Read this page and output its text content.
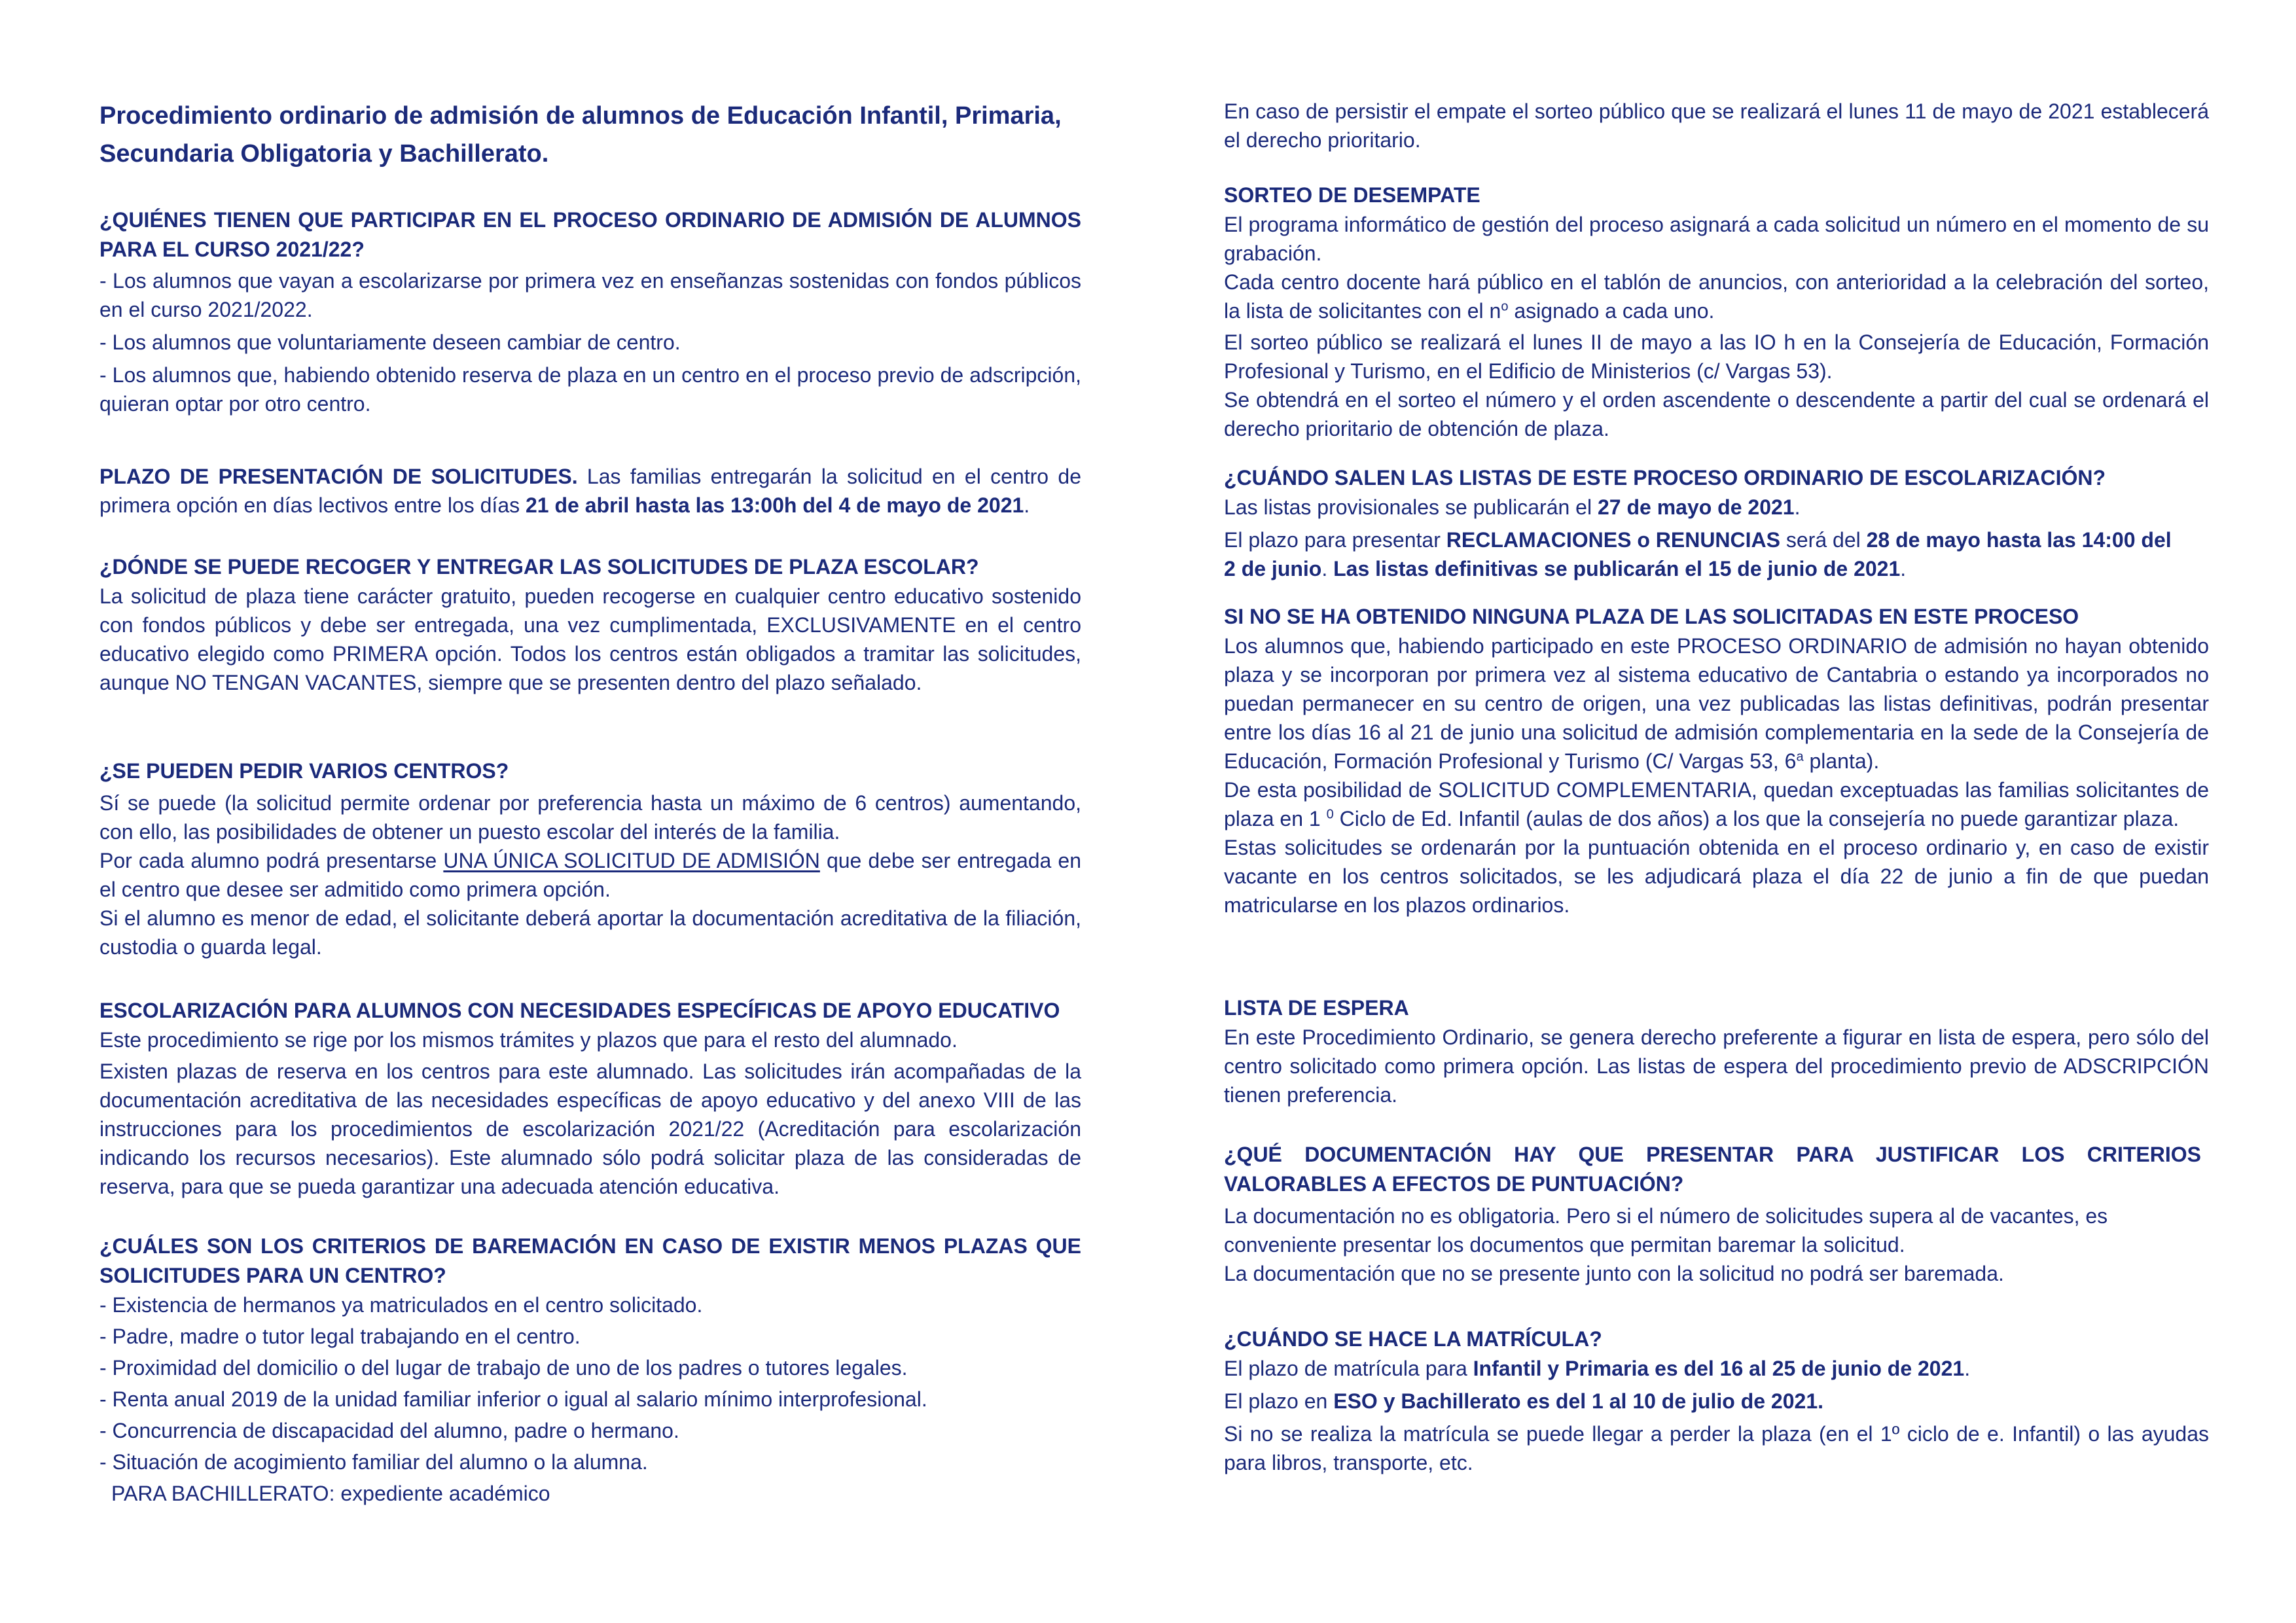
Procedimiento ordinario de admisión de alumnos de Educación Infantil, Primaria, Secundaria Obligatoria y Bachillerato.
¿QUIÉNES TIENEN QUE PARTICIPAR EN EL PROCESO ORDINARIO DE ADMISIÓN DE ALUMNOS PARA EL CURSO 2021/22?

- Los alumnos que vayan a escolarizarse por primera vez en enseñanzas sostenidas con fondos públicos en el curso 2021/2022.

- Los alumnos que voluntariamente deseen cambiar de centro.

- Los alumnos que, habiendo obtenido reserva de plaza en un centro en el proceso previo de adscripción, quieran optar por otro centro.

PLAZO DE PRESENTACIÓN DE SOLICITUDES. Las familias entregarán la solicitud en el centro de primera opción en días lectivos entre los días 21 de abril hasta las 13:00h del 4 de mayo de 2021.

¿DÓNDE SE PUEDE RECOGER Y ENTREGAR LAS SOLICITUDES DE PLAZA ESCOLAR?

La solicitud de plaza tiene carácter gratuito, pueden recogerse en cualquier centro educativo sostenido con fondos públicos y debe ser entregada, una vez cumplimentada, EXCLUSIVAMENTE en el centro educativo elegido como PRIMERA opción. Todos los centros están obligados a tramitar las solicitudes, aunque NO TENGAN VACANTES, siempre que se presenten dentro del plazo señalado.

¿SE PUEDEN PEDIR VARIOS CENTROS?

Sí se puede (la solicitud permite ordenar por preferencia hasta un máximo de 6 centros) aumentando, con ello, las posibilidades de obtener un puesto escolar del interés de la familia.

Por cada alumno podrá presentarse UNA ÚNICA SOLICITUD DE ADMISIÓN que debe ser entregada en el centro que desee ser admitido como primera opción.

Si el alumno es menor de edad, el solicitante deberá aportar la documentación acreditativa de la filiación, custodia o guarda legal.

ESCOLARIZACIÓN PARA ALUMNOS CON NECESIDADES ESPECÍFICAS DE APOYO EDUCATIVO

Este procedimiento se rige por los mismos trámites y plazos que para el resto del alumnado.

Existen plazas de reserva en los centros para este alumnado. Las solicitudes irán acompañadas de la documentación acreditativa de las necesidades específicas de apoyo educativo y del anexo VIII de las instrucciones para los procedimientos de escolarización 2021/22 (Acreditación para escolarización indicando los recursos necesarios). Este alumnado sólo podrá solicitar plaza de las consideradas de reserva, para que se pueda garantizar una adecuada atención educativa.

¿CUÁLES SON LOS CRITERIOS DE BAREMACIÓN EN CASO DE EXISTIR MENOS PLAZAS QUE SOLICITUDES PARA UN CENTRO?

- Existencia de hermanos ya matriculados en el centro solicitado.

- Padre, madre o tutor legal trabajando en el centro.

- Proximidad del domicilio o del lugar de trabajo de uno de los padres o tutores legales.

- Renta anual 2019 de la unidad familiar inferior o igual al salario mínimo interprofesional.

- Concurrencia de discapacidad del alumno, padre o hermano.

- Situación de acogimiento familiar del alumno o la alumna.

PARA BACHILLERATO: expediente académico

En caso de persistir el empate el sorteo público que se realizará el lunes 11 de mayo de 2021 establecerá el derecho prioritario.

SORTEO DE DESEMPATE

El programa informático de gestión del proceso asignará a cada solicitud un número en el momento de su grabación.

Cada centro docente hará público en el tablón de anuncios, con anterioridad a la celebración del sorteo, la lista de solicitantes con el $n^o$ asignado a cada uno.

El sorteo público se realizará el lunes II de mayo a las IO h en la Consejería de Educación, Formación Profesional y Turismo, en el Edificio de Ministerios (c/ Vargas 53).

Se obtendrá en el sorteo el número y el orden ascendente o descendente a partir del cual se ordenará el derecho prioritario de obtención de plaza.

¿CUÁNDO SALEN LAS LISTAS DE ESTE PROCESO ORDINARIO DE ESCOLARIZACIÓN?

Las listas provisionales se publicarán el 27 de mayo de 2021.

El plazo para presentar RECLAMACIONES o RENUNCIAS será del 28 de mayo hasta las 14:00 del 2 de junio. Las listas definitivas se publicarán el 15 de junio de 2021.

SI NO SE HA OBTENIDO NINGUNA PLAZA DE LAS SOLICITADAS EN ESTE PROCESO

Los alumnos que, habiendo participado en este PROCESO ORDINARIO de admisión no hayan obtenido plaza y se incorporan por primera vez al sistema educativo de Cantabria o estando ya incorporados no puedan permanecer en su centro de origen, una vez publicadas las listas definitivas, podrán presentar entre los días 16 al 21 de junio una solicitud de admisión complementaria en la sede de la Consejería de Educación, Formación Profesional y Turismo (C/ Vargas 53, 6$^a$ planta).

De esta posibilidad de SOLICITUD COMPLEMENTARIA, quedan exceptuadas las familias solicitantes de plaza en 1 $^0$ Ciclo de Ed. Infantil (aulas de dos años) a los que la consejería no puede garantizar plaza.

Estas solicitudes se ordenarán por la puntuación obtenida en el proceso ordinario y, en caso de existir vacante en los centros solicitados, se les adjudicará plaza el día 22 de junio a fin de que puedan matricularse en los plazos ordinarios.

LISTA DE ESPERA

En este Procedimiento Ordinario, se genera derecho preferente a figurar en lista de espera, pero sólo del centro solicitado como primera opción. Las listas de espera del procedimiento previo de ADSCRIPCIÓN tienen preferencia.

¿QUÉ DOCUMENTACIÓN HAY QUE PRESENTAR PARA JUSTIFICAR LOS CRITERIOS VALORABLES A EFECTOS DE PUNTUACIÓN?

La documentación no es obligatoria. Pero si el número de solicitudes supera al de vacantes, es conveniente presentar los documentos que permitan baremar la solicitud.

La documentación que no se presente junto con la solicitud no podrá ser baremada.

¿CUÁNDO SE HACE LA MATRÍCULA?

El plazo de matrícula para Infantil y Primaria es del 16 al 25 de junio de 2021.

El plazo en ESO y Bachillerato es del 1 al 10 de julio de 2021.

Si no se realiza la matrícula se puede llegar a perder la plaza (en el 1º ciclo de e. Infantil) o las ayudas para libros, transporte, etc.
